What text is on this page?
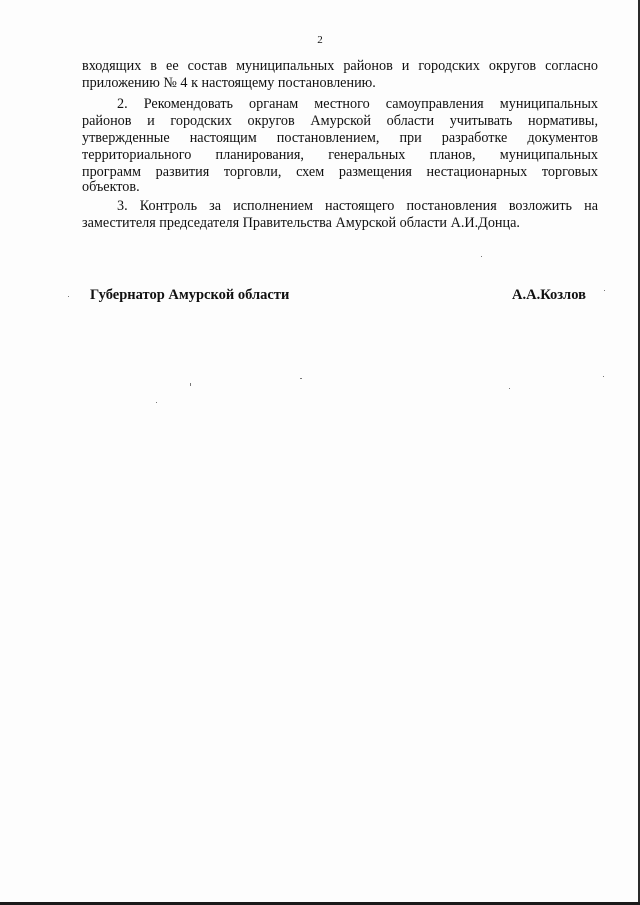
2
входящих в ее состав муниципальных районов и городских округов согласно
приложению № 4 к настоящему постановлению.
2. Рекомендовать органам местного самоуправления муниципальных
районов и городских округов Амурской области учитывать нормативы,
утвержденные настоящим постановлением, при разработке документов
территориального планирования, генеральных планов, муниципальных
программ развития торговли, схем размещения нестационарных торговых
объектов.
3. Контроль за исполнением настоящего постановления возложить на
заместителя председателя Правительства Амурской области А.И.Донца.
Губернатор Амурской области	А.А.Козлов
